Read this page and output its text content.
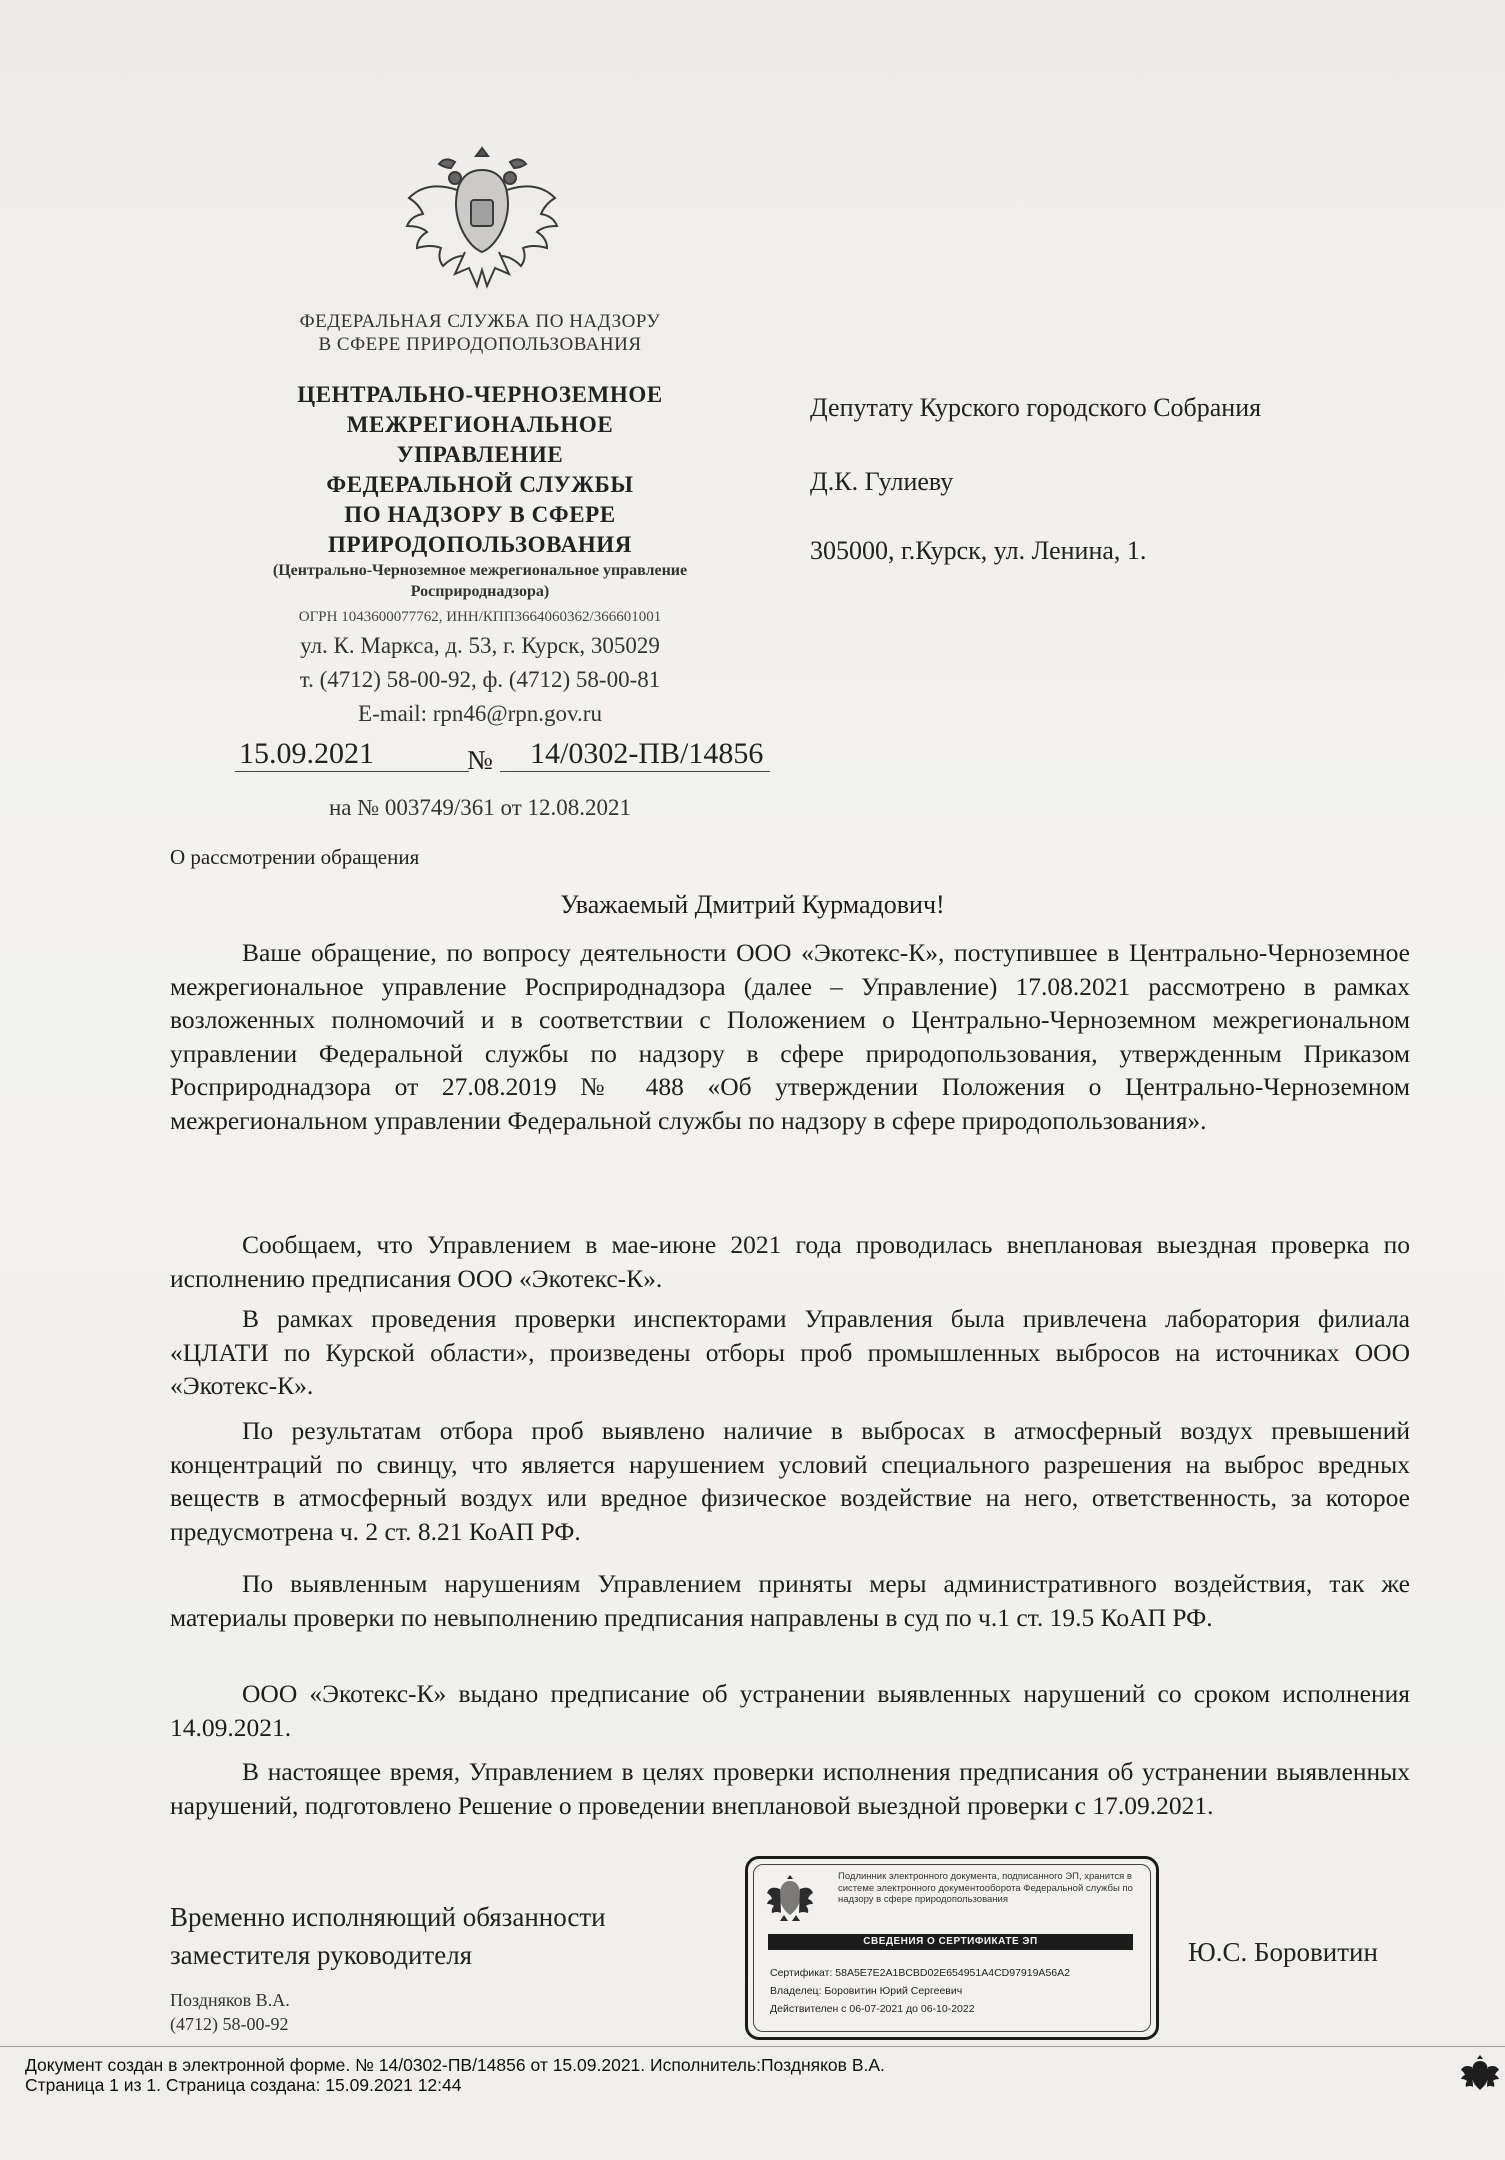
ФЕДЕРАЛЬНАЯ СЛУЖБА ПО НАДЗОРУ
В СФЕРЕ ПРИРОДОПОЛЬЗОВАНИЯ
ЦЕНТРАЛЬНО-ЧЕРНОЗЕМНОЕ
МЕЖРЕГИОНАЛЬНОЕ
УПРАВЛЕНИЕ
ФЕДЕРАЛЬНОЙ СЛУЖБЫ
ПО НАДЗОРУ В СФЕРЕ
ПРИРОДОПОЛЬЗОВАНИЯ
(Центрально-Черноземное межрегиональное управление
Росприроднадзора)
ОГРН 1043600077762, ИНН/КПП3664060362/366601001
ул. К. Маркса, д. 53, г. Курск, 305029
т. (4712) 58-00-92, ф. (4712) 58-00-81
E-mail: rpn46@rpn.gov.ru
15.09.2021	№	14/0302-ПВ/14856
на № 003749/361 от 12.08.2021
Депутату Курского городского Собрания
Д.К. Гулиеву
305000, г.Курск, ул. Ленина, 1.
О рассмотрении обращения
Уважаемый Дмитрий Курмадович!
Ваше обращение, по вопросу деятельности ООО «Экотекс-К», поступившее в Центрально-Черноземное межрегиональное управление Росприроднадзора (далее – Управление) 17.08.2021 рассмотрено в рамках возложенных полномочий и в соответствии с Положением о Центрально-Черноземном межрегиональном управлении Федеральной службы по надзору в сфере природопользования, утвержденным Приказом Росприроднадзора от 27.08.2019 № 488 «Об утверждении Положения о Центрально-Черноземном межрегиональном управлении Федеральной службы по надзору в сфере природопользования».
Сообщаем, что Управлением в мае-июне 2021 года проводилась внеплановая выездная проверка по исполнению предписания ООО «Экотекс-К».
В рамках проведения проверки инспекторами Управления была привлечена лаборатория филиала «ЦЛАТИ по Курской области», произведены отборы проб промышленных выбросов на источниках ООО «Экотекс-К».
По результатам отбора проб выявлено наличие в выбросах в атмосферный воздух превышений концентраций по свинцу, что является нарушением условий специального разрешения на выброс вредных веществ в атмосферный воздух или вредное физическое воздействие на него, ответственность, за которое предусмотрена ч. 2 ст. 8.21 КоАП РФ.
По выявленным нарушениям Управлением приняты меры административного воздействия, так же материалы проверки по невыполнению предписания направлены в суд по ч.1 ст. 19.5 КоАП РФ.
ООО «Экотекс-К» выдано предписание об устранении выявленных нарушений со сроком исполнения 14.09.2021.
В настоящее время, Управлением в целях проверки исполнения предписания об устранении выявленных нарушений, подготовлено Решение о проведении внеплановой выездной проверки с 17.09.2021.
Временно исполняющий обязанности
заместителя руководителя	Ю.С. Боровитин
Подлинник электронного документа, подписанного ЭП, хранится в системе электронного документооборота Федеральной службы по надзору в сфере природопользования
СВЕДЕНИЯ О СЕРТИФИКАТЕ ЭП
Сертификат: 58A5E7E2A1BCBD02E654951A4CD97919A56A2
Владелец: Боровитин Юрий Сергеевич
Действителен с 06-07-2021 до 06-10-2022
Поздняков В.А.
(4712) 58-00-92
Документ создан в электронной форме. № 14/0302-ПВ/14856 от 15.09.2021. Исполнитель:Поздняков В.А.
Страница 1 из 1. Страница создана: 15.09.2021 12:44
